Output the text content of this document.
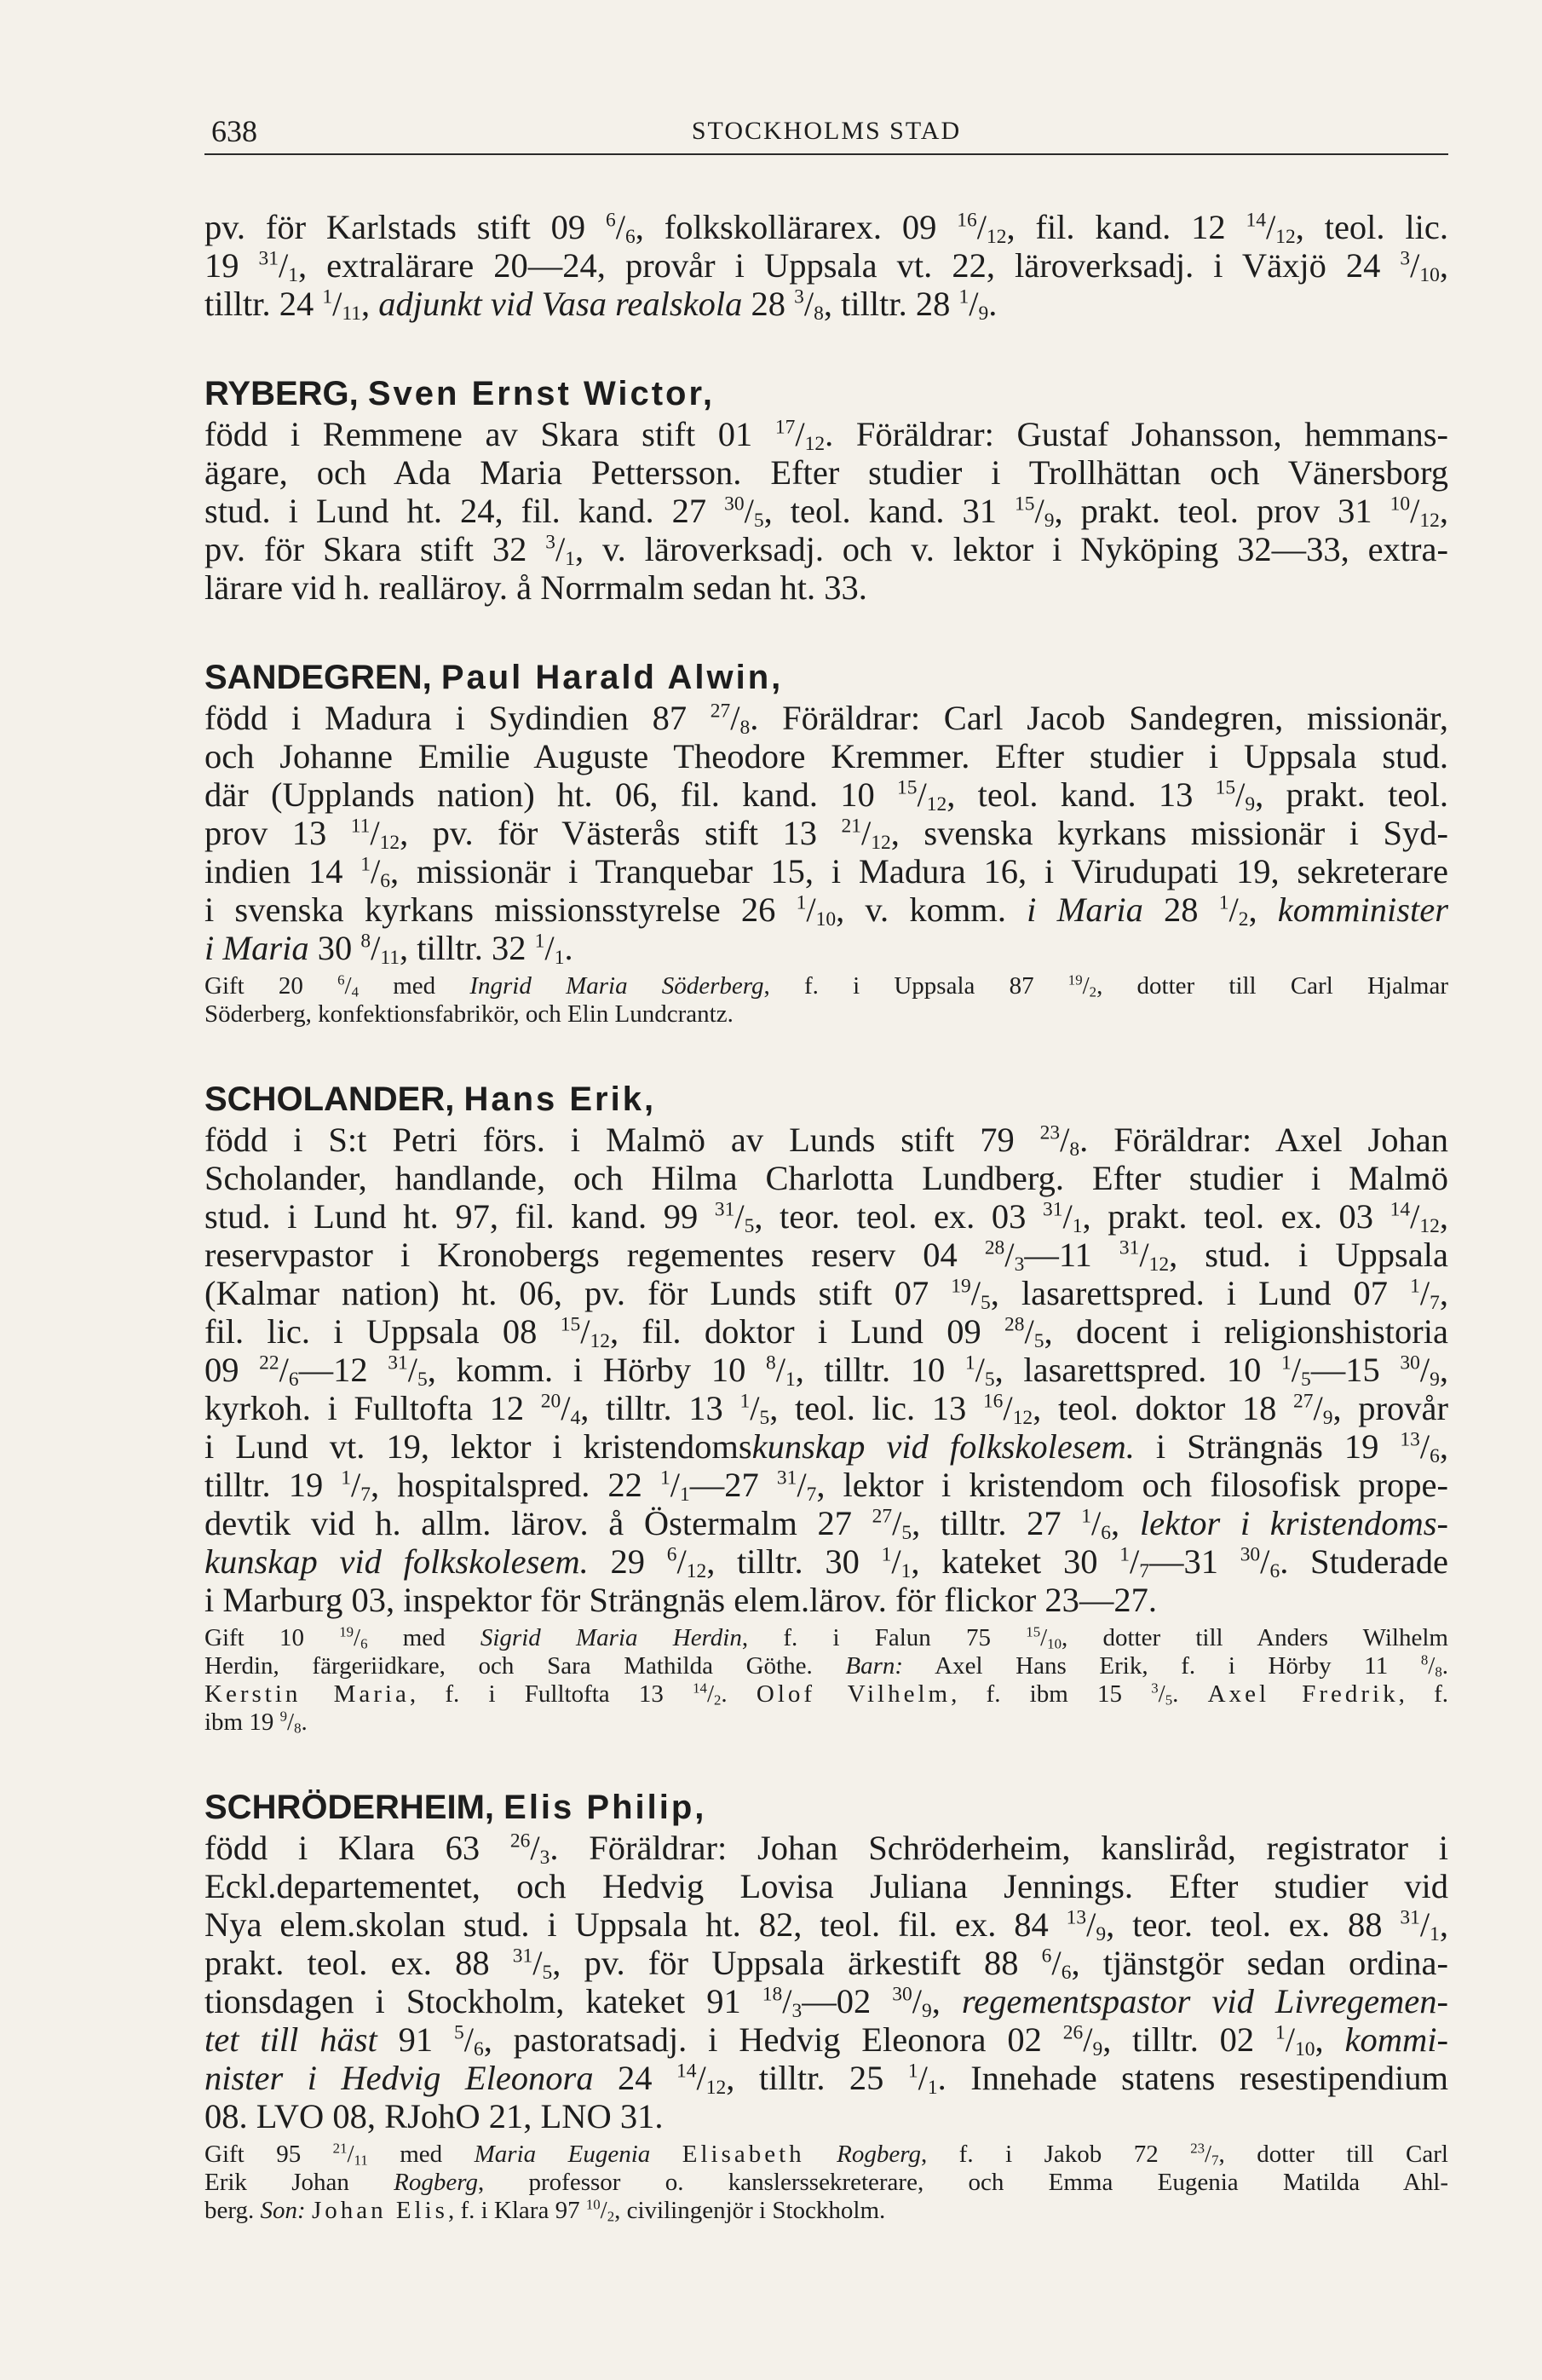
638	STOCKHOLMS STAD

pv. för Karlstads stift 09 $^6/_6$, folkskollärarex. 09 $^{16}/_{12}$, fil. kand. 12 $^{14}/_{12}$, teol. lic.

19 $^{31}/_1$, extralärare 20—24, provår i Uppsala vt. 22, läroverksadj. i Växjö 24 $^3/_{10}$,

tilltr. 24 $^1/_{11}$, adjunkt vid Vasa realskola 28 $^3/_8$, tilltr. 28 $^1/_9$.

RYBERG, Sven Ernst Wictor,

född i Remmene av Skara stift 01 $^{17}/_{12}$. Föräldrar: Gustaf Johansson, hemmans-

ägare, och Ada Maria Pettersson. Efter studier i Trollhättan och Vänersborg

stud. i Lund ht. 24, fil. kand. 27 $^{30}/_5$, teol. kand. 31 $^{15}/_9$, prakt. teol. prov 31 $^{10}/_{12}$,

pv. för Skara stift 32 $^3/_1$, v. läroverksadj. och v. lektor i Nyköping 32—33, extra-

lärare vid h. realläroy. å Norrmalm sedan ht. 33.

SANDEGREN, Paul Harald Alwin,

född i Madura i Sydindien 87 $^{27}/_8$. Föräldrar: Carl Jacob Sandegren, missionär,

och Johanne Emilie Auguste Theodore Kremmer. Efter studier i Uppsala stud.

där (Upplands nation) ht. 06, fil. kand. 10 $^{15}/_{12}$, teol. kand. 13 $^{15}/_9$, prakt. teol.

prov 13 $^{11}/_{12}$, pv. för Västerås stift 13 $^{21}/_{12}$, svenska kyrkans missionär i Syd-

indien 14 $^1/_6$, missionär i Tranquebar 15, i Madura 16, i Virudupati 19, sekreterare

i svenska kyrkans missionsstyrelse 26 $^1/_{10}$, v. komm. i Maria 28 $^1/_2$, komminister

i Maria 30 $^8/_{11}$, tilltr. 32 $^1/_1$.

Gift 20 $^6/_4$ med Ingrid Maria Söderberg, f. i Uppsala 87 $^{19}/_2$, dotter till Carl Hjalmar

Söderberg, konfektionsfabrikör, och Elin Lundcrantz.

SCHOLANDER, Hans Erik,

född i S:t Petri förs. i Malmö av Lunds stift 79 $^{23}/_8$. Föräldrar: Axel Johan

Scholander, handlande, och Hilma Charlotta Lundberg. Efter studier i Malmö

stud. i Lund ht. 97, fil. kand. 99 $^{31}/_5$, teor. teol. ex. 03 $^{31}/_1$, prakt. teol. ex. 03 $^{14}/_{12}$,

reservpastor i Kronobergs regementes reserv 04 $^{28}/_3—11$ $^{31}/_{12}$, stud. i Uppsala

(Kalmar nation) ht. 06, pv. för Lunds stift 07 $^{19}/_5$, lasarettspred. i Lund 07 $^1/_7$,

fil. lic. i Uppsala 08 $^{15}/_{12}$, fil. doktor i Lund 09 $^{28}/_5$, docent i religionshistoria

09 $^{22}/_6—12$ $^{31}/_5$, komm. i Hörby 10 $^8/_1$, tilltr. 10 $^1/_5$, lasarettspred. 10 $^1/_5—15$ $^{30}/_9$,

kyrkoh. i Fulltofta 12 $^{20}/_4$, tilltr. 13 $^1/_5$, teol. lic. 13 $^{16}/_{12}$, teol. doktor 18 $^{27}/_9$, provår

i Lund vt. 19, lektor i kristendomskunskap vid folkskolesem. i Strängnäs 19 $^{13}/_6$,

tilltr. 19 $^1/_7$, hospitalspred. 22 $^1/_1—27$ $^{31}/_7$, lektor i kristendom och filosofisk prope-

devtik vid h. allm. lärov. å Östermalm 27 $^{27}/_5$, tilltr. 27 $^1/_6$, lektor i kristendoms-

kunskap vid folkskolesem. 29 $^6/_{12}$, tilltr. 30 $^1/_1$, kateket 30 $^1/_7—31$ $^{30}/_6$. Studerade

i Marburg 03, inspektor för Strängnäs elem.lärov. för flickor 23—27.

Gift 10 $^{19}/_6$ med Sigrid Maria Herdin, f. i Falun 75 $^{15}/_{10}$, dotter till Anders Wilhelm

Herdin, färgeriidkare, och Sara Mathilda Göthe. Barn: Axel Hans Erik, f. i Hörby 11 $^8/_8$.

Kerstin Maria, f. i Fulltofta 13 $^{14}/_2$. Olof Vilhelm, f. ibm 15 $^3/_5$. Axel Fredrik, f.

ibm 19 $^9/_8$.

SCHRÖDERHEIM, Elis Philip,

född i Klara 63 $^{26}/_3$. Föräldrar: Johan Schröderheim, kansliråd, registrator i

Eckl.departementet, och Hedvig Lovisa Juliana Jennings. Efter studier vid

Nya elem.skolan stud. i Uppsala ht. 82, teol. fil. ex. 84 $^{13}/_9$, teor. teol. ex. 88 $^{31}/_1$,

prakt. teol. ex. 88 $^{31}/_5$, pv. för Uppsala ärkestift 88 $^6/_6$, tjänstgör sedan ordina-

tionsdagen i Stockholm, kateket 91 $^{18}/_3—02$ $^{30}/_9$, regementspastor vid Livregemen-

tet till häst 91 $^5/_6$, pastoratsadj. i Hedvig Eleonora 02 $^{26}/_9$, tilltr. 02 $^1/_{10}$, kommi-

nister i Hedvig Eleonora 24 $^{14}/_{12}$, tilltr. 25 $^1/_1$. Innehade statens resestipendium

08. LVO 08, RJohO 21, LNO 31.

Gift 95 $^{21}/_{11}$ med Maria Eugenia Elisabeth Rogberg, f. i Jakob 72 $^{23}/_7$, dotter till Carl

Erik Johan Rogberg, professor o. kanslerssekreterare, och Emma Eugenia Matilda Ahl-

berg. Son: Johan Elis, f. i Klara 97 $^{10}/_2$, civilingenjör i Stockholm.
